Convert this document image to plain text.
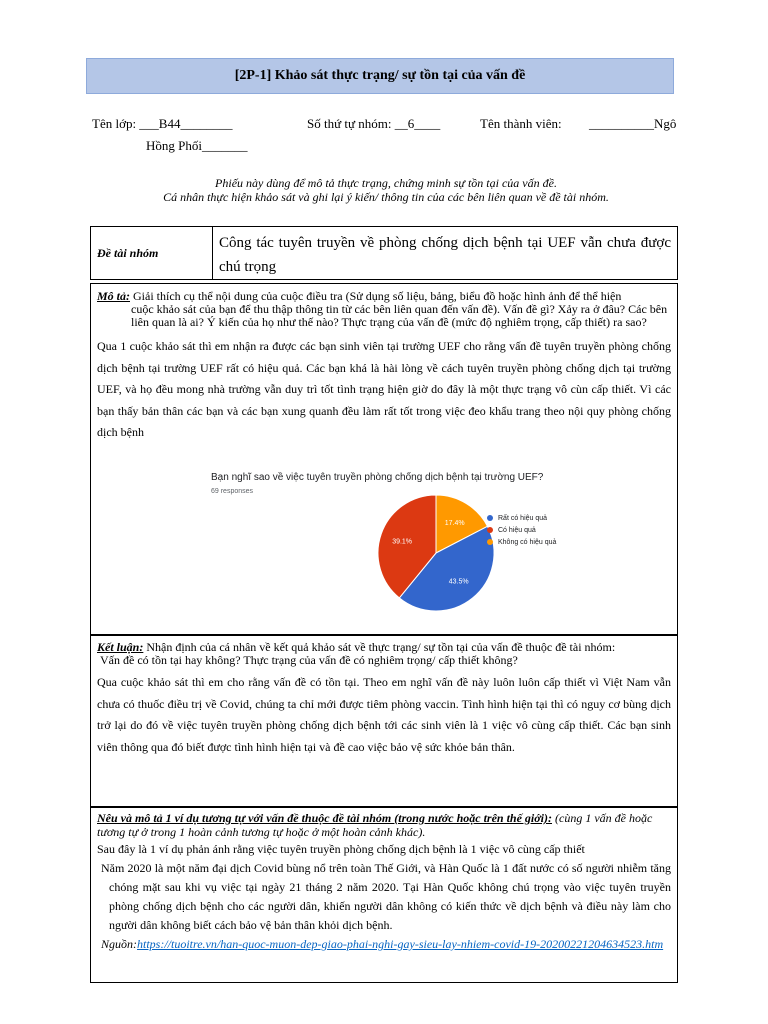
[2P-1] Khảo sát thực trạng/ sự tồn tại của vấn đề
Tên lớp: ___B44________	Số thứ tự nhóm: __6____	Tên thành viên: __________Ngô
Hồng Phối_______
Phiếu này dùng để mô tả thực trạng, chứng minh sự tồn tại của vấn đề.
Cá nhân thực hiện khảo sát và ghi lại ý kiến/ thông tin của các bên liên quan về đề tài nhóm.
Đề tài nhóm
Công tác tuyên truyền về phòng chống dịch bệnh tại UEF vẫn chưa được chú trọng
Mô tả: Giải thích cụ thể nội dung của cuộc điều tra (Sử dụng số liệu, bảng, biểu đồ hoặc hình ảnh để thể hiện
cuộc khảo sát của bạn để thu thập thông tin từ các bên liên quan đến vấn đề). Vấn đề gì? Xảy ra ở đâu? Các bên liên quan là ai? Ý kiến của họ như thế nào? Thực trạng của vấn đề (mức độ nghiêm trọng, cấp thiết) ra sao?
Qua 1 cuộc khảo sát thì em nhận ra được các bạn sinh viên tại trường UEF cho rằng vấn đề tuyên truyền phòng chống dịch bệnh tại trường UEF rất có hiệu quả. Các bạn khá là hài lòng về cách tuyên truyền phòng chống dịch tại trường UEF, và họ đều mong nhà trường vẫn duy trì tốt tình trạng hiện giờ do đây là một thực trạng vô cùn cấp thiết. Vì các bạn thấy bản thân các bạn và các bạn xung quanh đều làm rất tốt trong việc đeo khẩu trang theo nội quy phòng chống dịch bệnh
Bạn nghĩ sao về việc tuyên truyền phòng chống dịch bệnh tại trường UEF?
69 responses
17.4%
43.5%
39.1%
Rất có hiệu quả
Có hiệu quả
Không có hiệu quả
Kết luận: Nhận định của cá nhân về kết quả khảo sát về thực trạng/ sự tồn tại của vấn đề thuộc đề tài nhóm:
Vấn đề có tồn tại hay không? Thực trạng của vấn đề có nghiêm trọng/ cấp thiết không?
Qua cuộc khảo sát thì em cho rằng vấn đề có tồn tại. Theo em nghĩ vấn đề này luôn luôn cấp thiết vì Việt Nam vẫn chưa có thuốc điều trị về Covid, chúng ta chỉ mới được tiêm phòng vaccin. Tình hình hiện tại thì có nguy cơ bùng dịch trở lại do đó về việc tuyên truyền phòng chống dịch bệnh tới các sinh viên là 1 việc vô cùng cấp thiết. Các bạn sinh viên thông qua đó biết được tình hình hiện tại và đề cao việc bảo vệ sức khỏe bản thân.
Nêu và mô tả 1 ví dụ tương tự với vấn đề thuộc đề tài nhóm (trong nước hoặc trên thế giới): (cùng 1 vấn đề hoặc tương tự ở trong 1 hoàn cảnh tương tự hoặc ở một hoàn cảnh khác).
Sau đây là 1 ví dụ phản ánh rằng việc tuyên truyền phòng chống dịch bệnh là 1 việc vô cùng cấp thiết
Năm 2020 là một năm đại dịch Covid bùng nổ trên toàn Thế Giới, và Hàn Quốc là 1 đất nước có số người nhiễm tăng chóng mặt sau khi vụ việc tại ngày 21 tháng 2 năm 2020. Tại Hàn Quốc không chú trọng vào việc tuyên truyền phòng chống dịch bệnh cho các người dân, khiến người dân không có kiến thức về dịch bệnh và điều này làm cho người dân không biết cách bảo vệ bản thân khỏi dịch bệnh.
Nguồn:https://tuoitre.vn/han-quoc-muon-dep-giao-phai-nghi-gay-sieu-lay-nhiem-covid-19-20200221204634523.htm
